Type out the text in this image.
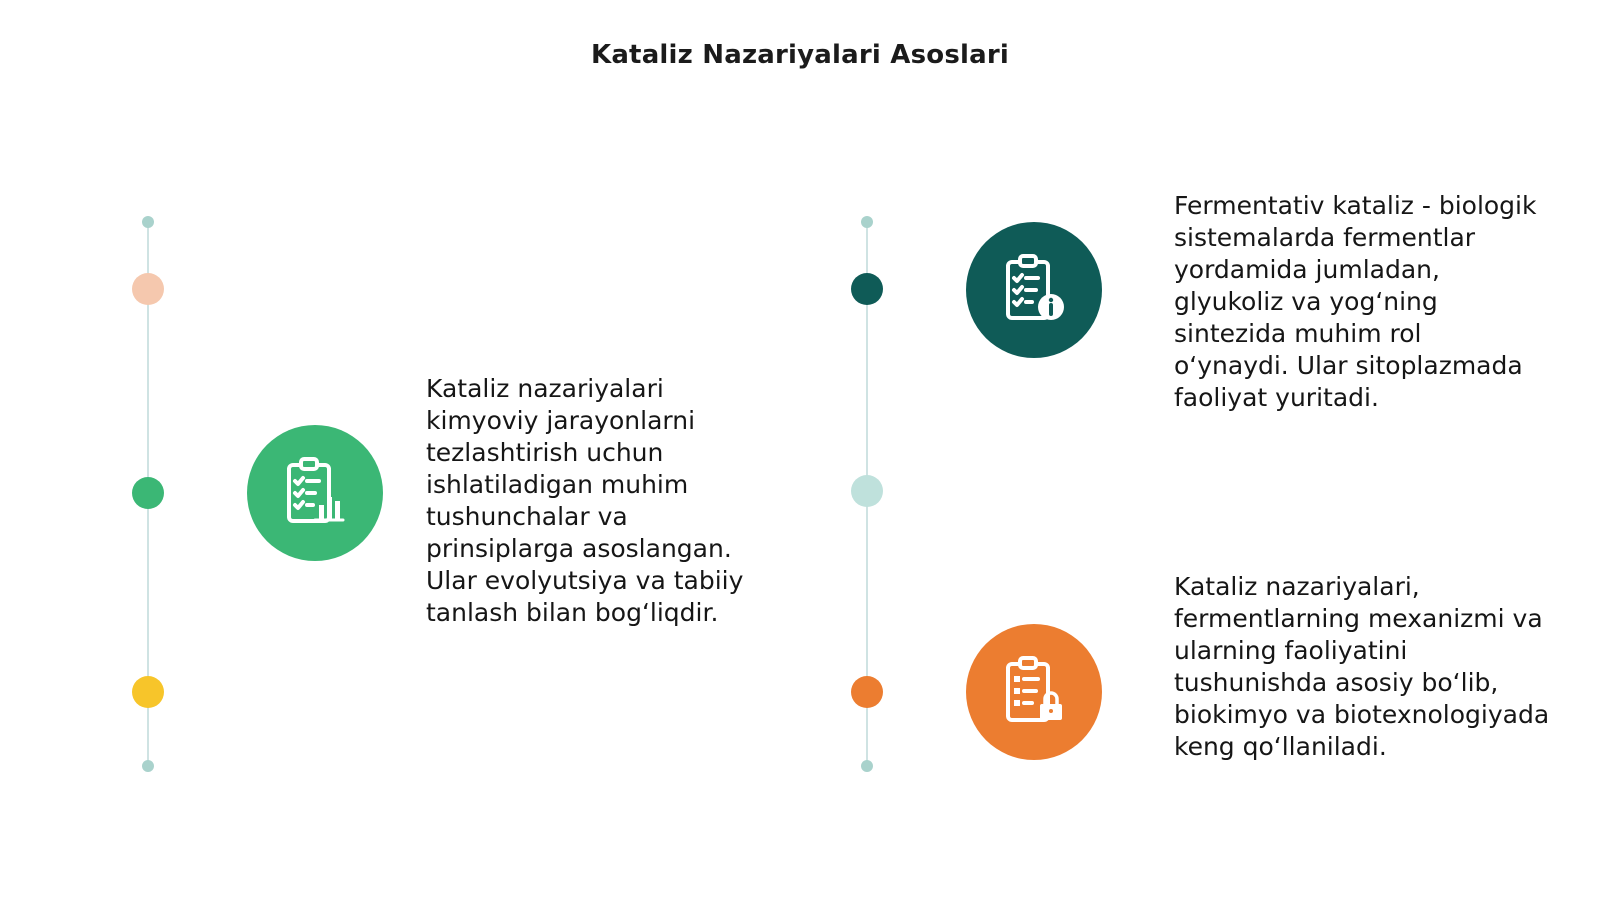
Kataliz Nazariyalari Asoslari

Kataliz nazariyalari kimyoviy jarayonlarni tezlashtirish uchun ishlatiladigan muhim tushunchalar va prinsiplarga asoslangan. Ular evolyutsiya va tabiiy tanlash bilan bog‘liqdir.

Fermentativ kataliz - biologik sistemalarda fermentlar yordamida jumladan, glyukoliz va yog‘ning sintezida muhim rol o‘ynaydi. Ular sitoplazmada faoliyat yuritadi.

Kataliz nazariyalari, fermentlarning mexanizmi va ularning faoliyatini tushunishda asosiy bo‘lib, biokimyo va biotexnologiyada keng qo‘llaniladi.
